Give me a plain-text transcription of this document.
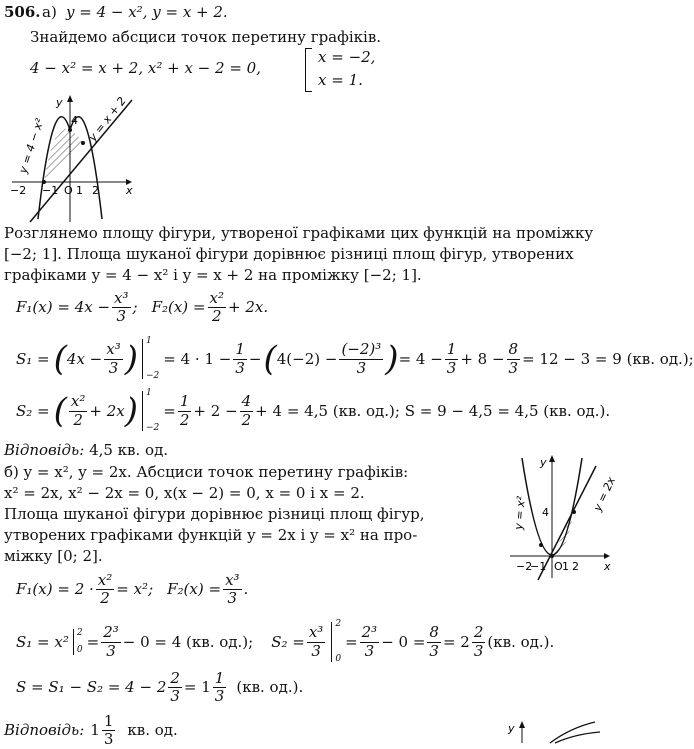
506. а) y = 4 − x², y = x + 2.
Знайдемо абсциси точок перетину графіків.
4 − x² = x + 2, x² + x − 2 = 0,
x = −2,
x = 1.
y
x
O
−2 −1 1 2
4
y = 4 − x²	y = x + 2
Розглянемо площу фігури, утвореної графіками цих функцій на проміжку
[−2; 1]. Площа шуканої фігури дорівнює різниці площ фігур, утворених
графіками y = 4 − x² і y = x + 2 на проміжку [−2; 1].
$F_1(x) = 4x - \frac{\text{x³}}{3}$ ; $F_2(x) = \frac{\text{x²}}{2} + 2x$.
S₁ = ( $4x - \frac{\text{x³}}{3}$ ) 1
−2
= $4 \cdot 1 - \frac{1}{3}$ − ( $4(-2) - \frac{\text{(−2)³}}{3}$ ) = $4 - \frac{1}{3} + 8 - \frac{8}{3} = 12 - 3 = 9$ (кв. од.);
S₂ = ( $\frac{\text{x²}}{2} + 2x$ ) 1
−2
= $\frac{1}{2} + 2 - \frac{4}{2} + 4 = 4,5$ (кв. од.); S = 9 − 4,5 = 4,5 (кв. од.).
Відповідь: 4,5 кв. од.
б) y = x², y = 2x. Абсциси точок перетину графіків:
x² = 2x, x² − 2x = 0, x(x − 2) = 0, x = 0 і x = 2.
Площа шуканої фігури дорівнює різниці площ фігур,
утворених графіками функцій y = 2x і y = x² на про-
міжку [0; 2].
y
x
O
−2
−1 1 2
4
y = x²	y = 2x
$F_1(x) = 2 \cdot \frac{\text{x²}}{2} = x^2$; $F_2(x) = \frac{\text{x³}}{3}$ .
S₁ = x² 2
$0 = \frac{\text{2³}}{3} - 0 = 4$ (кв. од.); $S_2 = \frac{\text{x³}}{3}$
2
0
= $\frac{\text{2³}}{3} - 0 = \frac{8}{3} = 2 \frac{2}{3} (кв$. од.).
$S = S_1 - S_2 = 4 - 2 \frac{2}{3} = 1 \frac{1}{3} (кв$. од.).
Відповідь: $1 \frac{1}{3}$ кв. од.	y
